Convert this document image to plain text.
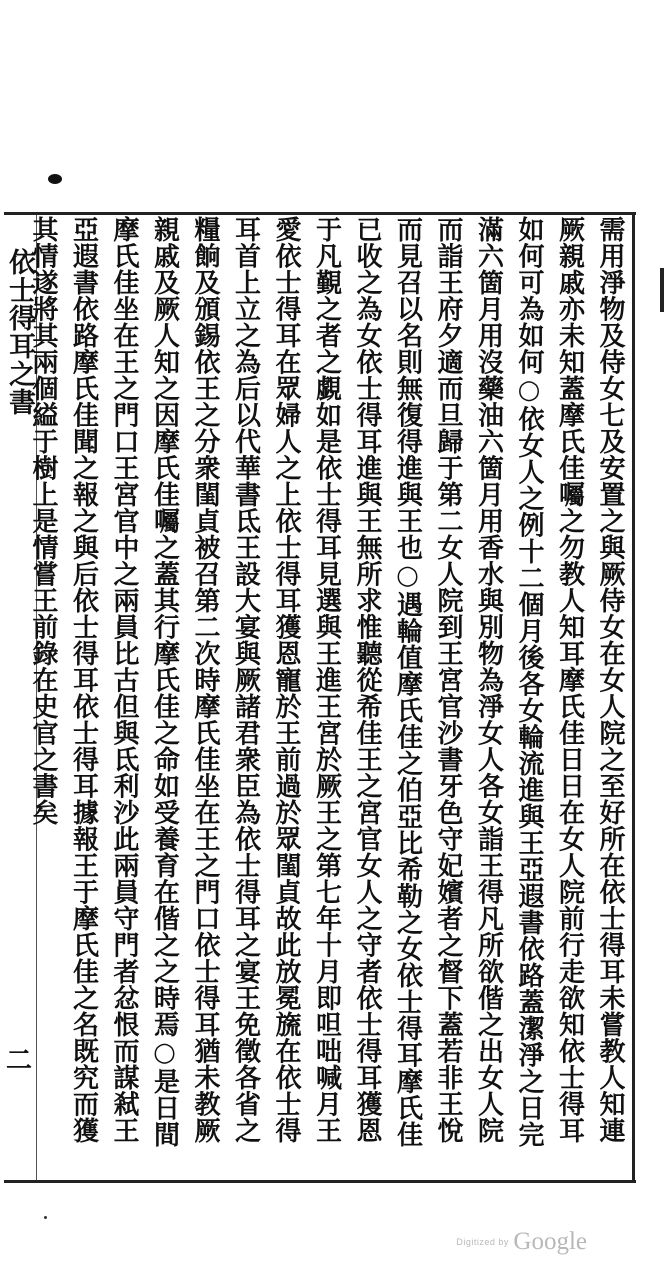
依士得耳之書
二	需用淨物及侍女七及安置之與厥侍女在女人院之至好所在依士得耳未嘗教人知連
厥親戚亦未知蓋摩氏佳囑之勿教人知耳摩氏佳日日在女人院前行走欲知依士得耳
如何可為如何○依女人之例十二個月後各女輪流進與王亞遐書依路蓋潔淨之日完
滿六箇月用沒藥油六箇月用香水與別物為淨女人各女詣王得凡所欲偕之出女人院
而詣王府夕適而旦歸于第二女人院到王宮官沙書牙色守妃嬪者之督下蓋若非王悅
而見召以名則無復得進與王也○遇輪值摩氏佳之伯亞比希勒之女依士得耳摩氏佳
已收之為女依士得耳進與王無所求惟聽從希佳王之宮官女人之守者依士得耳獲恩
于凡覲之者之覷如是依士得耳見選與王進王宮於厥王之第七年十月即呾咄喊月王
愛依士得耳在眾婦人之上依士得耳獲恩寵於王前過於眾閨貞故此放冕旒在依士得
耳首上立之為后以代華書氐王設大宴與厥諸君衆臣為依士得耳之宴王免徵各省之
糧餉及頒錫依王之分衆閨貞被召第二次時摩氏佳坐在王之門口依士得耳猶未教厥
親戚及厥人知之因摩氏佳囑之蓋其行摩氏佳之命如受養育在偕之之時焉○是日間
摩氏佳坐在王之門口王宮官中之兩員比古但與氐利沙此兩員守門者忿恨而謀弒王
亞遐書依路摩氏佳聞之報之與后依士得耳依士得耳據報王于摩氏佳之名既究而獲
其情遂將其兩個縊于樹上是情嘗王前錄在史官之書矣
Digitized by Google
